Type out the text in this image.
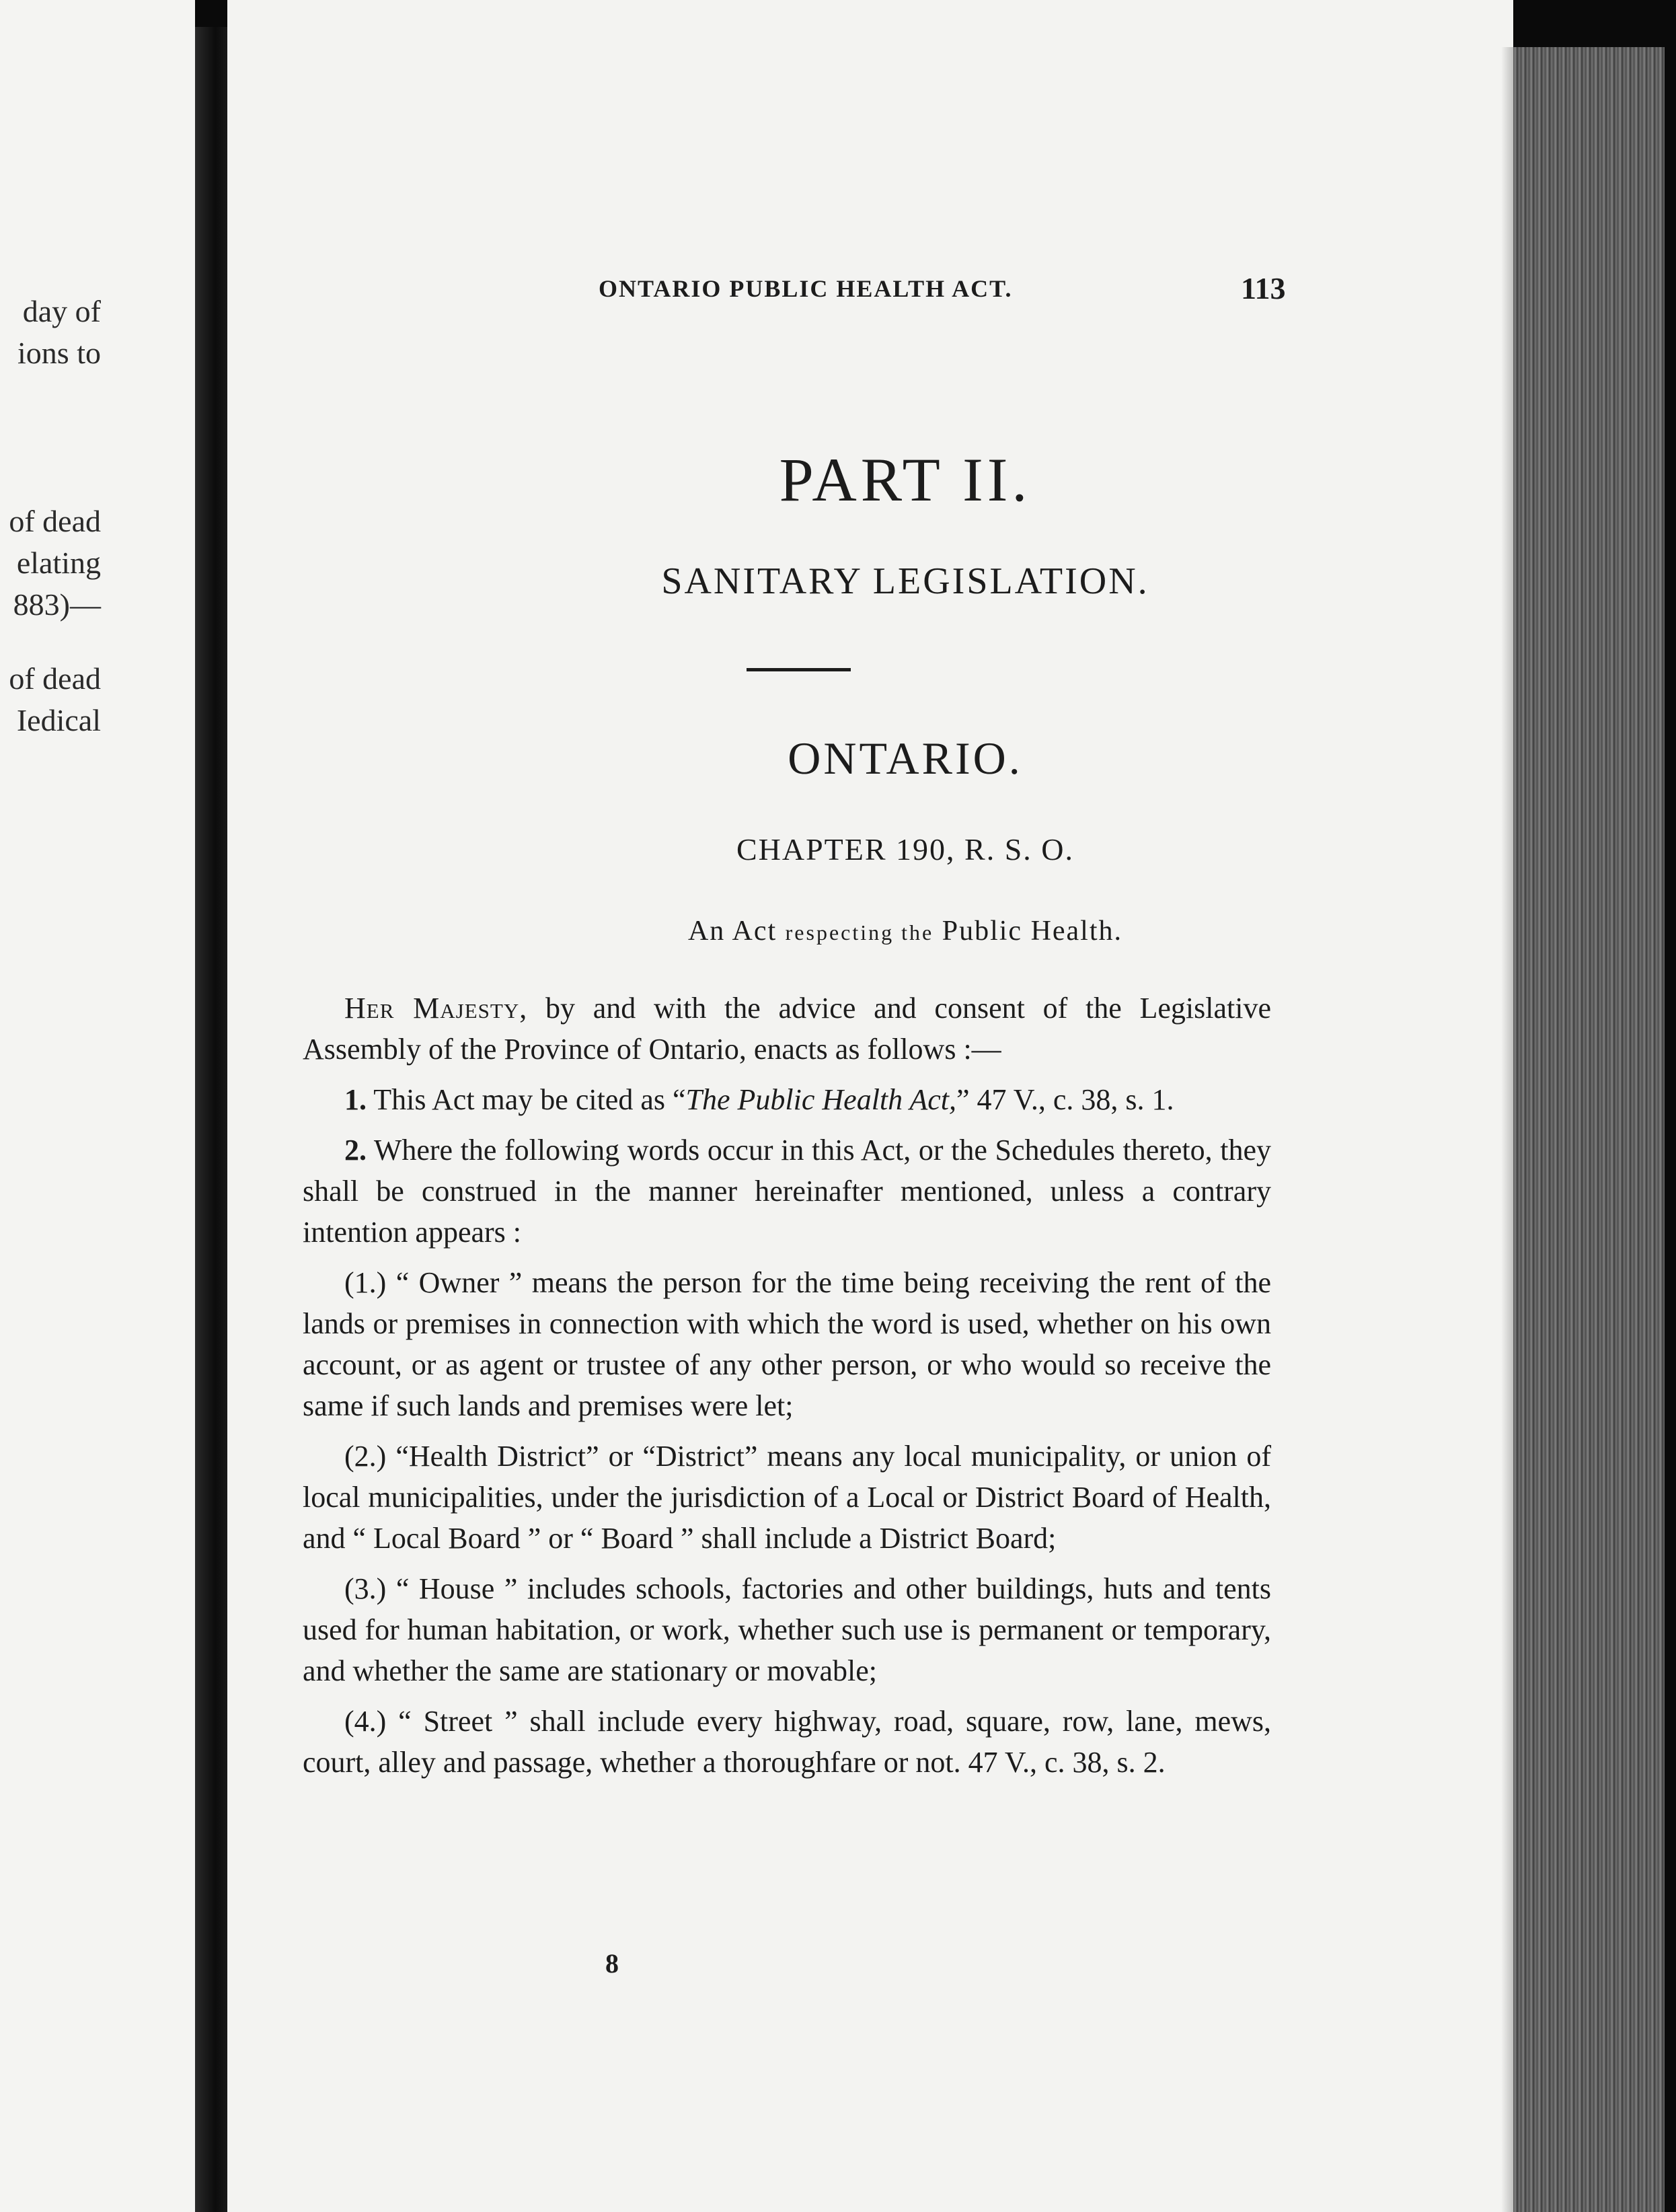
day of
ions to
of dead
elating
883)—
of dead
Iedical
ONTARIO PUBLIC HEALTH ACT.	113
PART II.
SANITARY LEGISLATION.
ONTARIO.
CHAPTER 190, R. S. O.
An Act respecting the Public Health.

Her Majesty, by and with the advice and consent of the Legislative Assembly of the Province of Ontario, enacts as follows :—

1. This Act may be cited as “The Public Health Act,” 47 V., c. 38, s. 1.

2. Where the following words occur in this Act, or the Schedules thereto, they shall be construed in the manner hereinafter mentioned, unless a contrary intention appears :

(1.) “ Owner ” means the person for the time being receiving the rent of the lands or premises in connection with which the word is used, whether on his own account, or as agent or trustee of any other person, or who would so receive the same if such lands and premises were let;

(2.) “Health District” or “District” means any local municipality, or union of local municipalities, under the jurisdiction of a Local or District Board of Health, and “ Local Board ” or “ Board ” shall include a District Board;

(3.) “ House ” includes schools, factories and other buildings, huts and tents used for human habitation, or work, whether such use is permanent or temporary, and whether the same are stationary or movable;

(4.) “ Street ” shall include every highway, road, square, row, lane, mews, court, alley and passage, whether a thoroughfare or not. 47 V., c. 38, s. 2.

8
